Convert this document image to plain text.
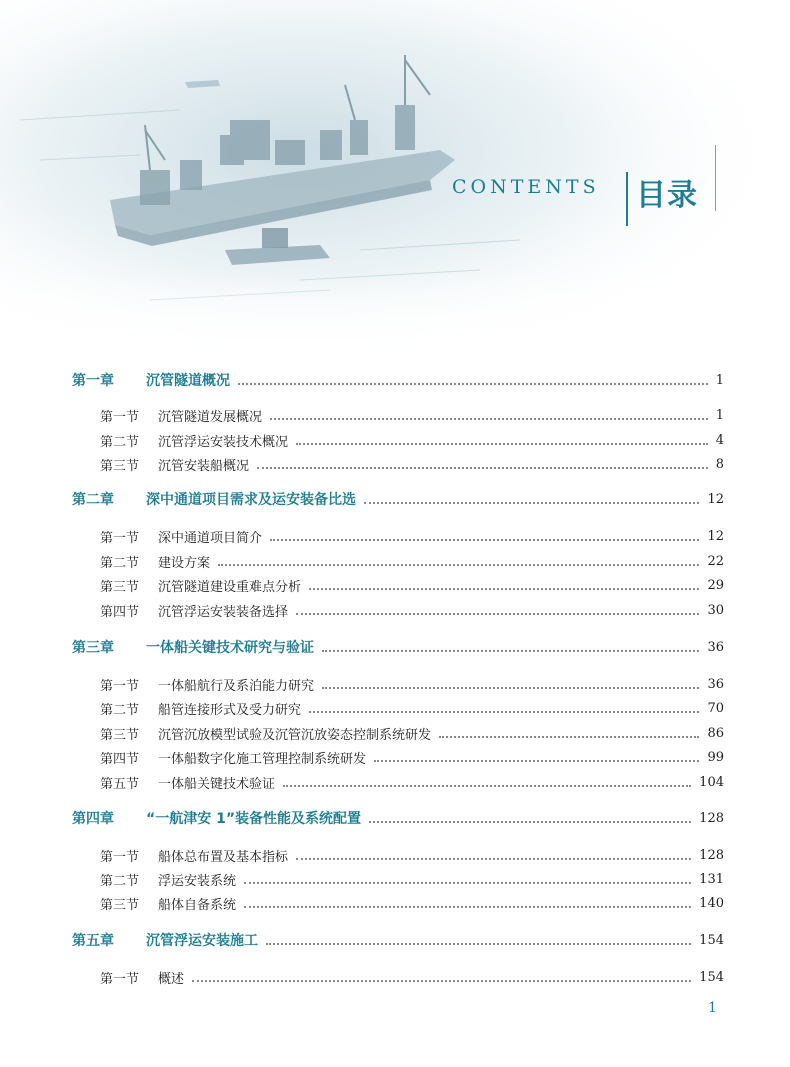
CONTENTS 目录
第一章	沉管隧道概况	1
第一节	沉管隧道发展概况	1
第二节	沉管浮运安装技术概况	4
第三节	沉管安装船概况	8
第二章	深中通道项目需求及运安装备比选	12
第一节	深中通道项目简介	12
第二节	建设方案	22
第三节	沉管隧道建设重难点分析	29
第四节	沉管浮运安装装备选择	30
第三章	一体船关键技术研究与验证	36
第一节	一体船航行及系泊能力研究	36
第二节	船管连接形式及受力研究	70
第三节	沉管沉放模型试验及沉管沉放姿态控制系统研发	86
第四节	一体船数字化施工管理控制系统研发	99
第五节	一体船关键技术验证	104
第四章	“一航津安 1”装备性能及系统配置	128
第一节	船体总布置及基本指标	128
第二节	浮运安装系统	131
第三节	船体自备系统	140
第五章	沉管浮运安装施工	154
第一节	概述	154
1
